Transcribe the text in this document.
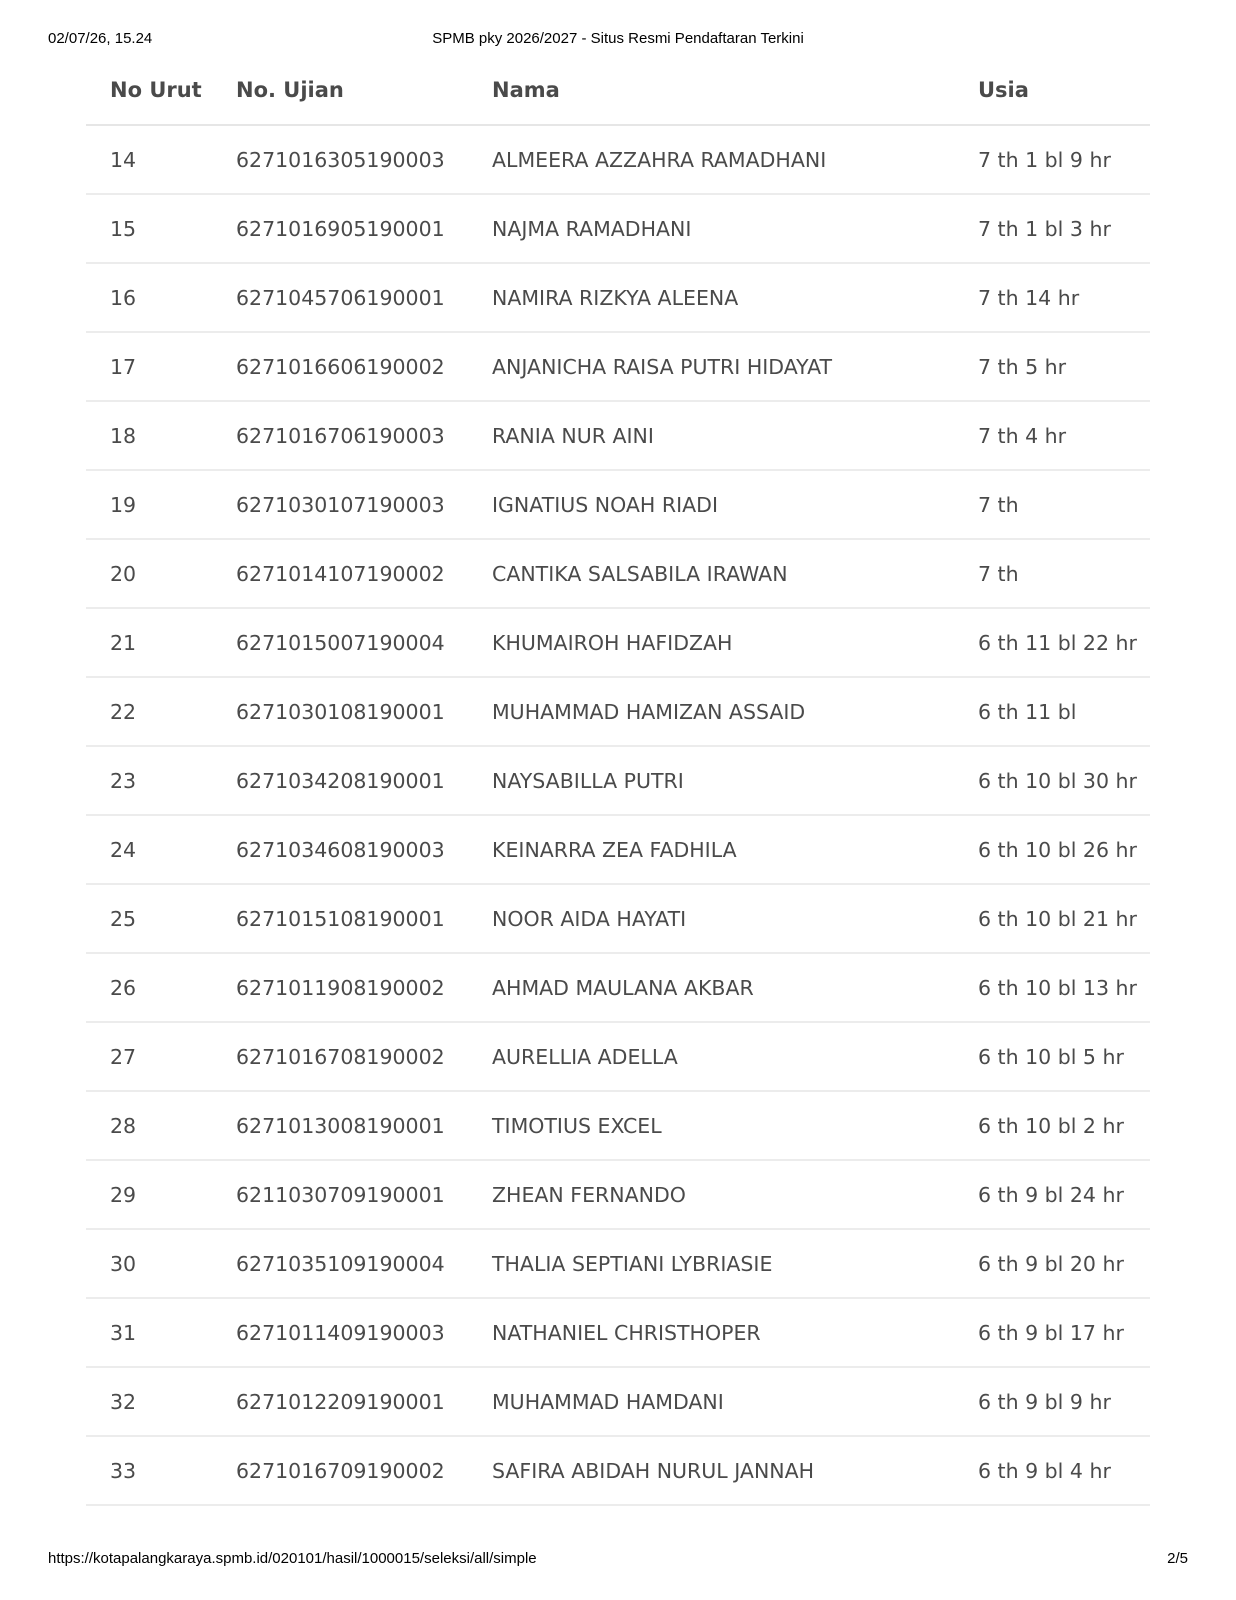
02/07/26, 15.24	SPMB pky 2026/2027 - Situs Resmi Pendaftaran Terkini
No Urut	No. Ujian	Nama	Usia
14	6271016305190003	ALMEERA AZZAHRA RAMADHANI	7 th 1 bl 9 hr
15	6271016905190001	NAJMA RAMADHANI	7 th 1 bl 3 hr
16	6271045706190001	NAMIRA RIZKYA ALEENA	7 th 14 hr
17	6271016606190002	ANJANICHA RAISA PUTRI HIDAYAT	7 th 5 hr
18	6271016706190003	RANIA NUR AINI	7 th 4 hr
19	6271030107190003	IGNATIUS NOAH RIADI	7 th
20	6271014107190002	CANTIKA SALSABILA IRAWAN	7 th
21	6271015007190004	KHUMAIROH HAFIDZAH	6 th 11 bl 22 hr
22	6271030108190001	MUHAMMAD HAMIZAN ASSAID	6 th 11 bl
23	6271034208190001	NAYSABILLA PUTRI	6 th 10 bl 30 hr
24	6271034608190003	KEINARRA ZEA FADHILA	6 th 10 bl 26 hr
25	6271015108190001	NOOR AIDA HAYATI	6 th 10 bl 21 hr
26	6271011908190002	AHMAD MAULANA AKBAR	6 th 10 bl 13 hr
27	6271016708190002	AURELLIA ADELLA	6 th 10 bl 5 hr
28	6271013008190001	TIMOTIUS EXCEL	6 th 10 bl 2 hr
29	6211030709190001	ZHEAN FERNANDO	6 th 9 bl 24 hr
30	6271035109190004	THALIA SEPTIANI LYBRIASIE	6 th 9 bl 20 hr
31	6271011409190003	NATHANIEL CHRISTHOPER	6 th 9 bl 17 hr
32	6271012209190001	MUHAMMAD HAMDANI	6 th 9 bl 9 hr
33	6271016709190002	SAFIRA ABIDAH NURUL JANNAH	6 th 9 bl 4 hr
https://kotapalangkaraya.spmb.id/020101/hasil/1000015/seleksi/all/simple	2/5
